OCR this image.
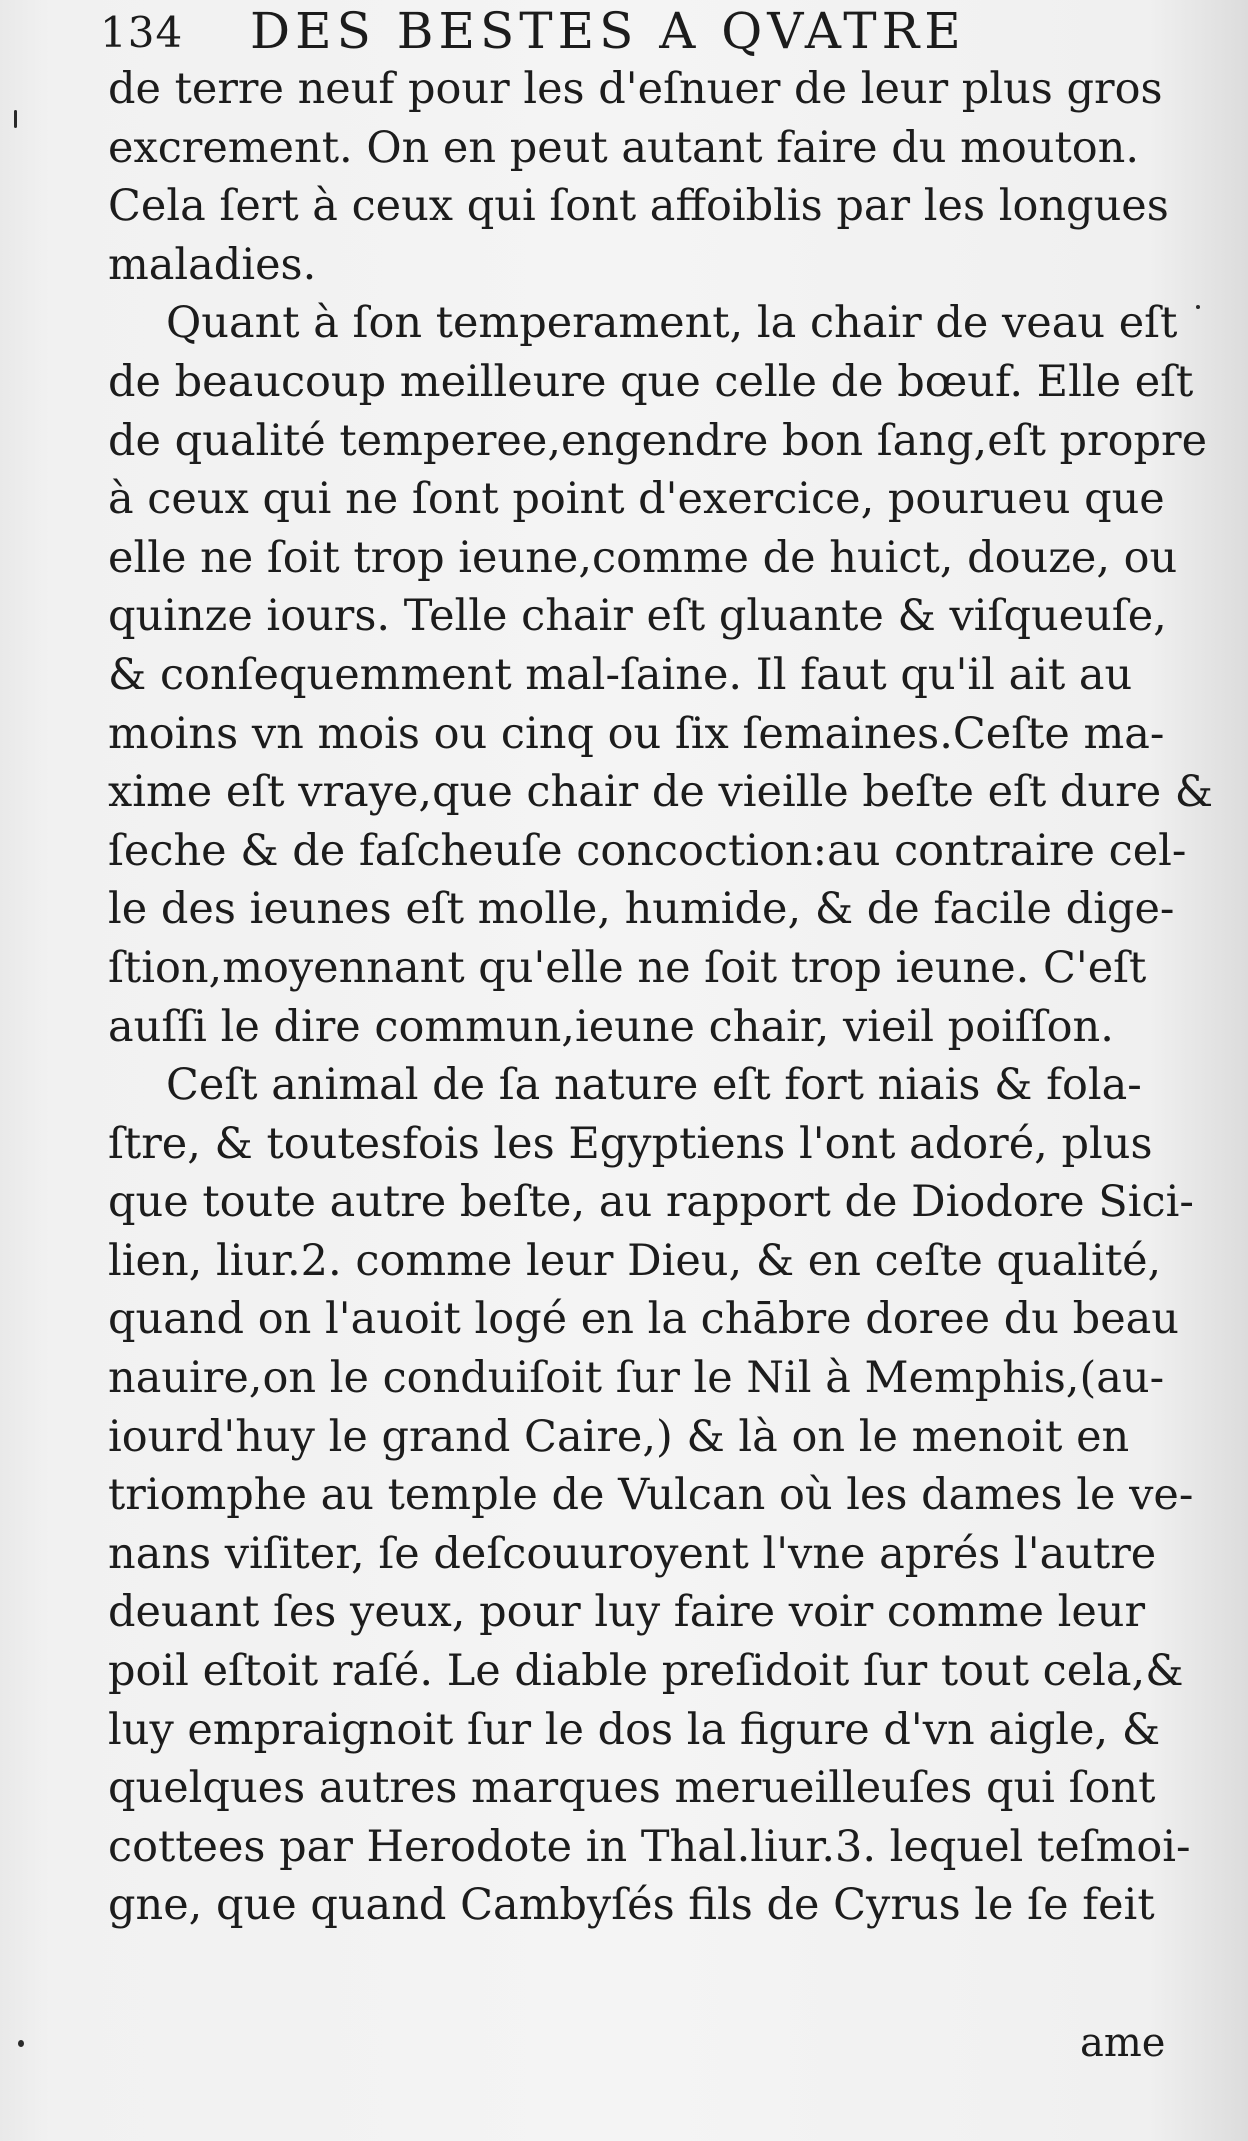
134 DES BESTES A QVATRE
de terre neuf pour les d'eſnuer de leur plus gros
excrement. On en peut autant faire du mouton.
Cela ſert à ceux qui ſont affoiblis par les longues
maladies.
Quant à ſon temperament, la chair de veau eſt
de beaucoup meilleure que celle de bœuf. Elle eſt
de qualité temperee,engendre bon ſang,eſt propre
à ceux qui ne ſont point d'exercice, pourueu que
elle ne ſoit trop ieune,comme de huict, douze, ou
quinze iours. Telle chair eſt gluante & viſqueuſe,
& conſequemment mal-ſaine. Il faut qu'il ait au
moins vn mois ou cinq ou ſix ſemaines.Ceſte ma-
xime eſt vraye,que chair de vieille beſte eſt dure &
ſeche & de faſcheuſe concoction:au contraire cel-
le des ieunes eſt molle, humide, & de facile dige-
ſtion,moyennant qu'elle ne ſoit trop ieune. C'eſt
auſſi le dire commun,ieune chair, vieil poiſſon.
Ceſt animal de ſa nature eſt fort niais & fola-
ſtre, & toutesfois les Egyptiens l'ont adoré, plus
que toute autre beſte, au rapport de Diodore Sici-
lien, liur.2. comme leur Dieu, & en ceſte qualité,
quand on l'auoit logé en la chābre doree du beau
nauire,on le conduiſoit ſur le Nil à Memphis,(au-
iourd'huy le grand Caire,) & là on le menoit en
triomphe au temple de Vulcan où les dames le ve-
nans viſiter, ſe deſcouuroyent l'vne aprés l'autre
deuant ſes yeux, pour luy faire voir comme leur
poil eſtoit raſé. Le diable preſidoit ſur tout cela,&
luy empraignoit ſur le dos la figure d'vn aigle, &
quelques autres marques merueilleuſes qui ſont
cottees par Herodote in Thal.liur.3. lequel teſmoi-
gne, que quand Cambyſés fils de Cyrus le ſe feit
ame
